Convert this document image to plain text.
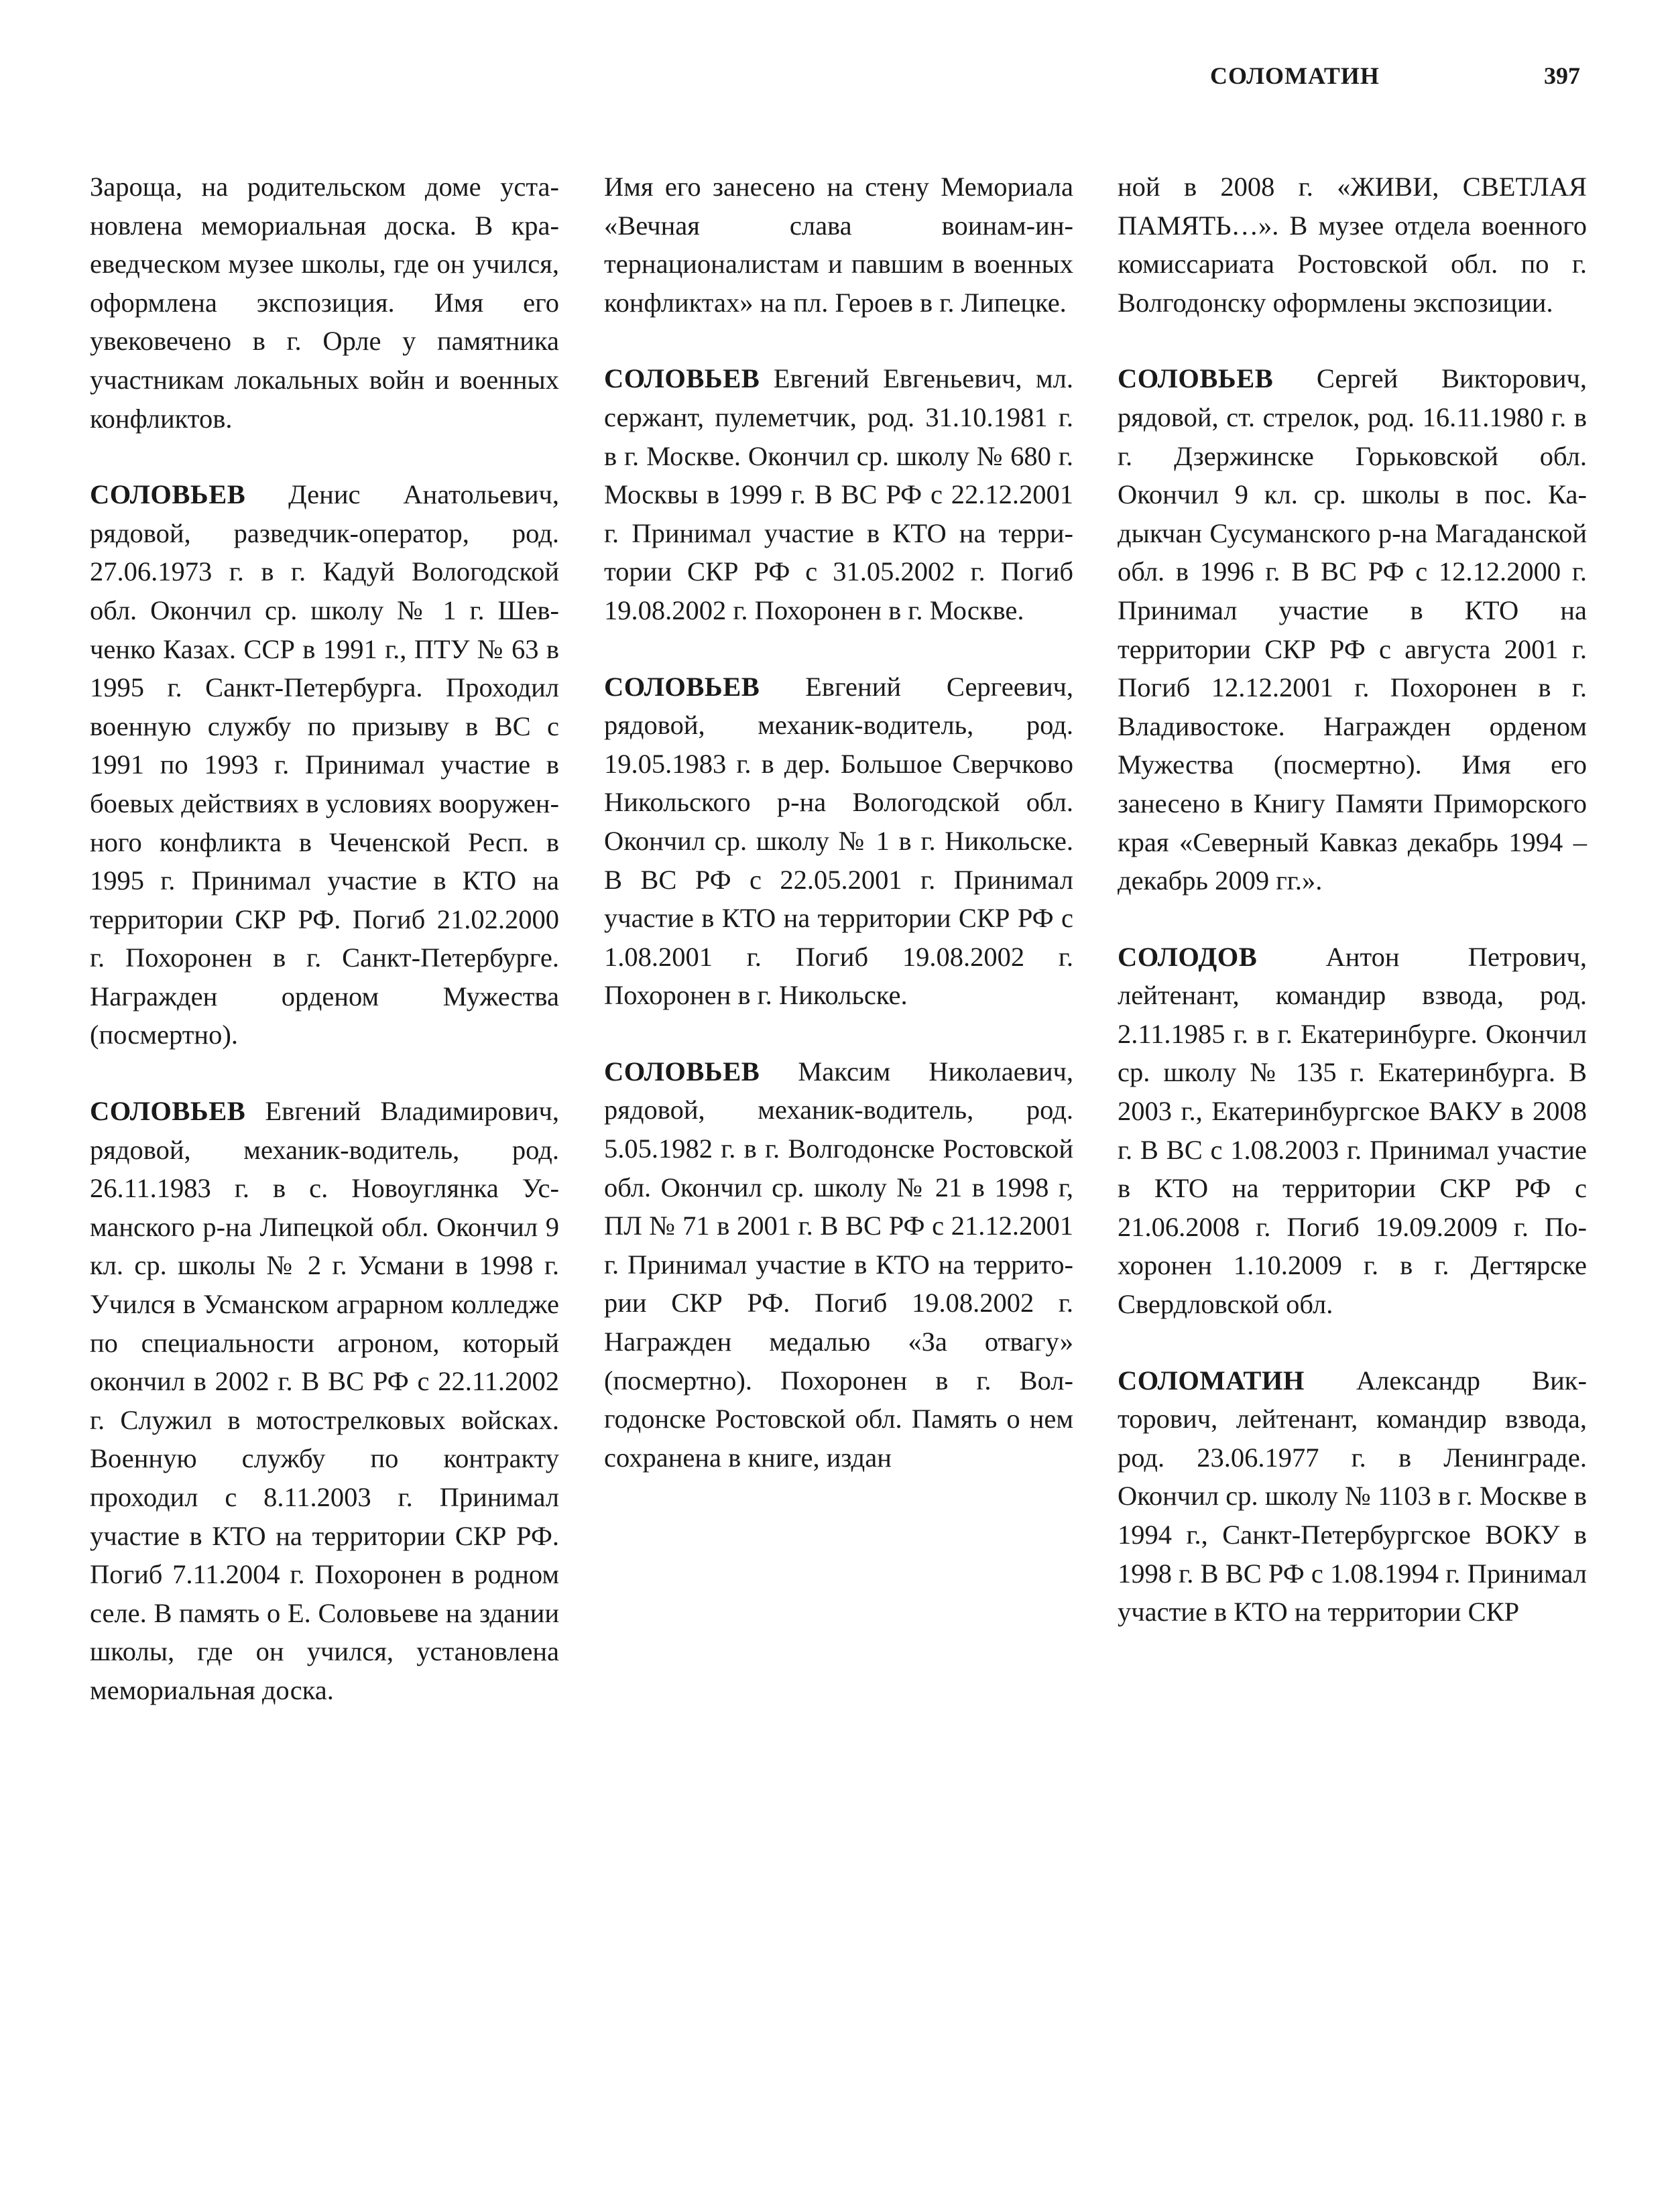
СОЛОМАТИН	397

Зароща, на родительском доме установлена мемориальная доска. В краеведческом музее школы, где он учился, оформлена экспозиция. Имя его увековечено в г. Орле у памятника участникам локальных войн и военных конфликтов.

СОЛОВЬЕВ Денис Анатольевич, рядовой, разведчик-оператор, род. 27.06.1973 г. в г. Кадуй Вологодской обл. Окончил ср. школу № 1 г. Шевченко Казах. ССР в 1991 г., ПТУ № 63 в 1995 г. Санкт-Петербурга. Проходил военную службу по призыву в ВС с 1991 по 1993 г. Принимал участие в боевых действиях в условиях вооруженного конфликта в Чеченской Респ. в 1995 г. Принимал участие в КТО на территории СКР РФ. Погиб 21.02.2000 г. Похоронен в г. Санкт-Петербурге. Награжден орденом Мужества (посмертно).

СОЛОВЬЕВ Евгений Владимирович, рядовой, механик-водитель, род. 26.11.1983 г. в с. Новоуглянка Усманского р-на Липецкой обл. Окончил 9 кл. ср. школы № 2 г. Усмани в 1998 г. Учился в Усманском аграрном колледже по специальности агроном, который окончил в 2002 г. В ВС РФ с 22.11.2002 г. Служил в мотострелковых войсках. Военную службу по контракту проходил с 8.11.2003 г. Принимал участие в КТО на территории СКР РФ. Погиб 7.11.2004 г. Похоронен в родном селе. В память о Е. Соловьеве на здании школы, где он учился, установлена мемориальная доска.

Имя его занесено на стену Мемориала «Вечная слава воинам-интернационалистам и павшим в военных конфликтах» на пл. Героев в г. Липецке.

СОЛОВЬЕВ Евгений Евгеньевич, мл. сержант, пулеметчик, род. 31.10.1981 г. в г. Москве. Окончил ср. школу № 680 г. Москвы в 1999 г. В ВС РФ с 22.12.2001 г. Принимал участие в КТО на территории СКР РФ с 31.05.2002 г. Погиб 19.08.2002 г. Похоронен в г. Москве.

СОЛОВЬЕВ Евгений Сергеевич, рядовой, механик-водитель, род. 19.05.1983 г. в дер. Большое Сверчково Никольского р-на Вологодской обл. Окончил ср. школу № 1 в г. Никольске. В ВС РФ с 22.05.2001 г. Принимал участие в КТО на территории СКР РФ с 1.08.2001 г. Погиб 19.08.2002 г. Похоронен в г. Никольске.

СОЛОВЬЕВ Максим Николаевич, рядовой, механик-водитель, род. 5.05.1982 г. в г. Волгодонске Ростовской обл. Окончил ср. школу № 21 в 1998 г, ПЛ № 71 в 2001 г. В ВС РФ с 21.12.2001 г. Принимал участие в КТО на территории СКР РФ. Погиб 19.08.2002 г. Награжден медалью «За отвагу» (посмертно). Похоронен в г. Волгодонске Ростовской обл. Память о нем сохранена в книге, издан

ной в 2008 г. «ЖИВИ, СВЕТЛАЯ ПАМЯТЬ…». В музее отдела военного комиссариата Ростовской обл. по г. Волгодонску оформлены экспозиции.

СОЛОВЬЕВ Сергей Викторович, рядовой, ст. стрелок, род. 16.11.1980 г. в г. Дзержинске Горьковской обл. Окончил 9 кл. ср. школы в пос. Кадыкчан Сусуманского р-на Магаданской обл. в 1996 г. В ВС РФ с 12.12.2000 г. Принимал участие в КТО на территории СКР РФ с августа 2001 г. Погиб 12.12.2001 г. Похоронен в г. Владивостоке. Награжден орденом Мужества (посмертно). Имя его занесено в Книгу Памяти Приморского края «Северный Кавказ декабрь 1994 – декабрь 2009 гг.».

СОЛОДОВ Антон Петрович, лейтенант, командир взвода, род. 2.11.1985 г. в г. Екатеринбурге. Окончил ср. школу № 135 г. Екатеринбурга. В 2003 г., Екатеринбургское ВАКУ в 2008 г. В ВС с 1.08.2003 г. Принимал участие в КТО на территории СКР РФ с 21.06.2008 г. Погиб 19.09.2009 г. Похоронен 1.10.2009 г. в г. Дегтярске Свердловской обл.

СОЛОМАТИН Александр Викторович, лейтенант, командир взвода, род. 23.06.1977 г. в Ленинграде. Окончил ср. школу № 1103 в г. Москве в 1994 г., Санкт-Петербургское ВОКУ в 1998 г. В ВС РФ с 1.08.1994 г. Принимал участие в КТО на территории СКР
